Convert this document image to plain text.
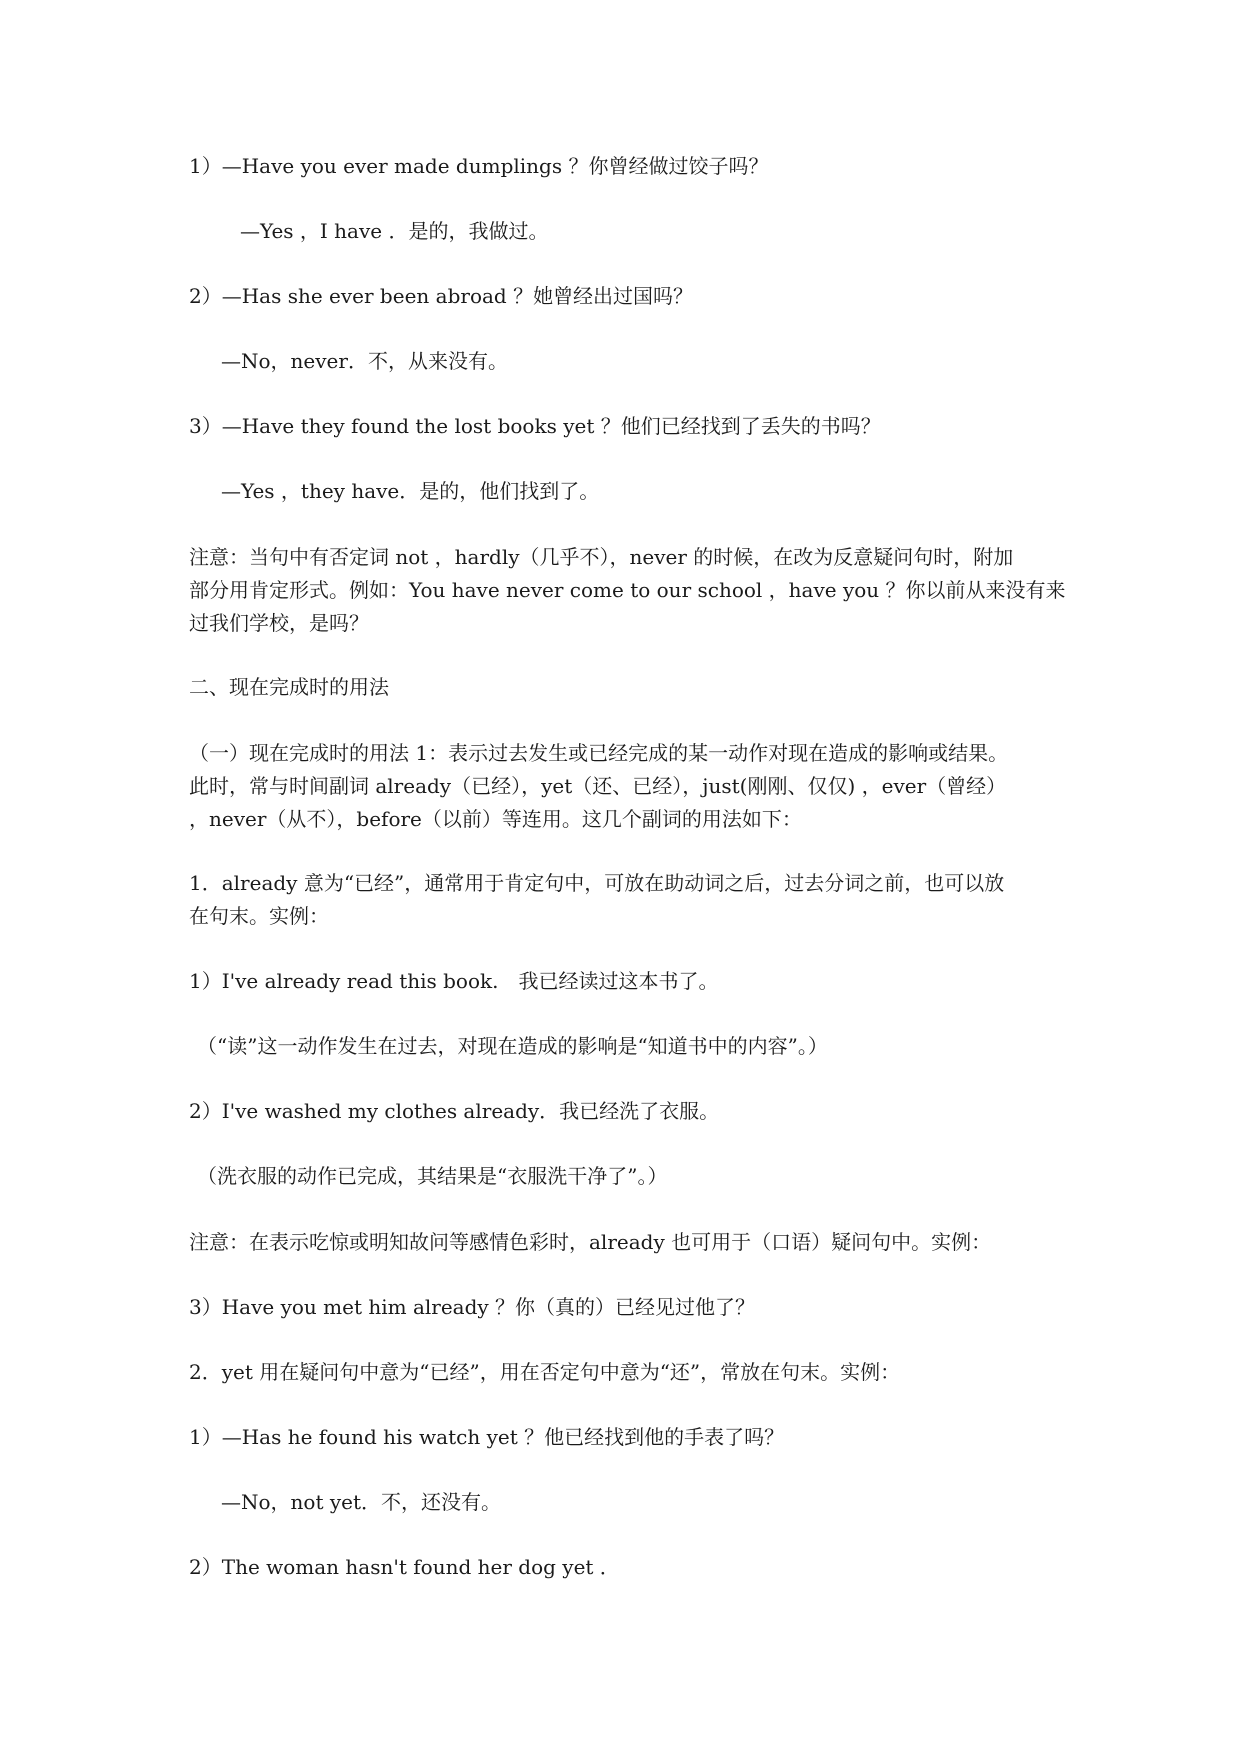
1）—Have you ever made dumplings ？你曾经做过饺子吗？
—Yes ，I have ．是的，我做过。
2）—Has she ever been abroad ？她曾经出过国吗？
—No，never．不，从来没有。
3）—Have they found the lost books yet ？他们已经找到了丢失的书吗？
—Yes ，they have．是的，他们找到了。
注意：当句中有否定词 not ，hardly（几乎不），never 的时候，在改为反意疑问句时，附加
部分用肯定形式。例如：You have never come to our school ，have you ？你以前从来没有来
过我们学校，是吗？
二、现在完成时的用法
（一）现在完成时的用法 1：表示过去发生或已经完成的某一动作对现在造成的影响或结果。
此时，常与时间副词 already（已经），yet（还、已经），just(刚刚、仅仅) ，ever（曾经）
，never（从不），before（以前）等连用。这几个副词的用法如下：
1．already 意为“已经”，通常用于肯定句中，可放在助动词之后，过去分词之前，也可以放
在句末。实例：
1）I've already read this book.　我已经读过这本书了。
（“读”这一动作发生在过去，对现在造成的影响是“知道书中的内容”。）
2）I've washed my clothes already．我已经洗了衣服。
（洗衣服的动作已完成，其结果是“衣服洗干净了”。）
注意：在表示吃惊或明知故问等感情色彩时，already 也可用于（口语）疑问句中。实例：
3）Have you met him already ？你（真的）已经见过他了？
2．yet 用在疑问句中意为“已经”，用在否定句中意为“还”，常放在句末。实例：
1）—Has he found his watch yet ？他已经找到他的手表了吗？
—No，not yet．不，还没有。
2）The woman hasn't found her dog yet ．
